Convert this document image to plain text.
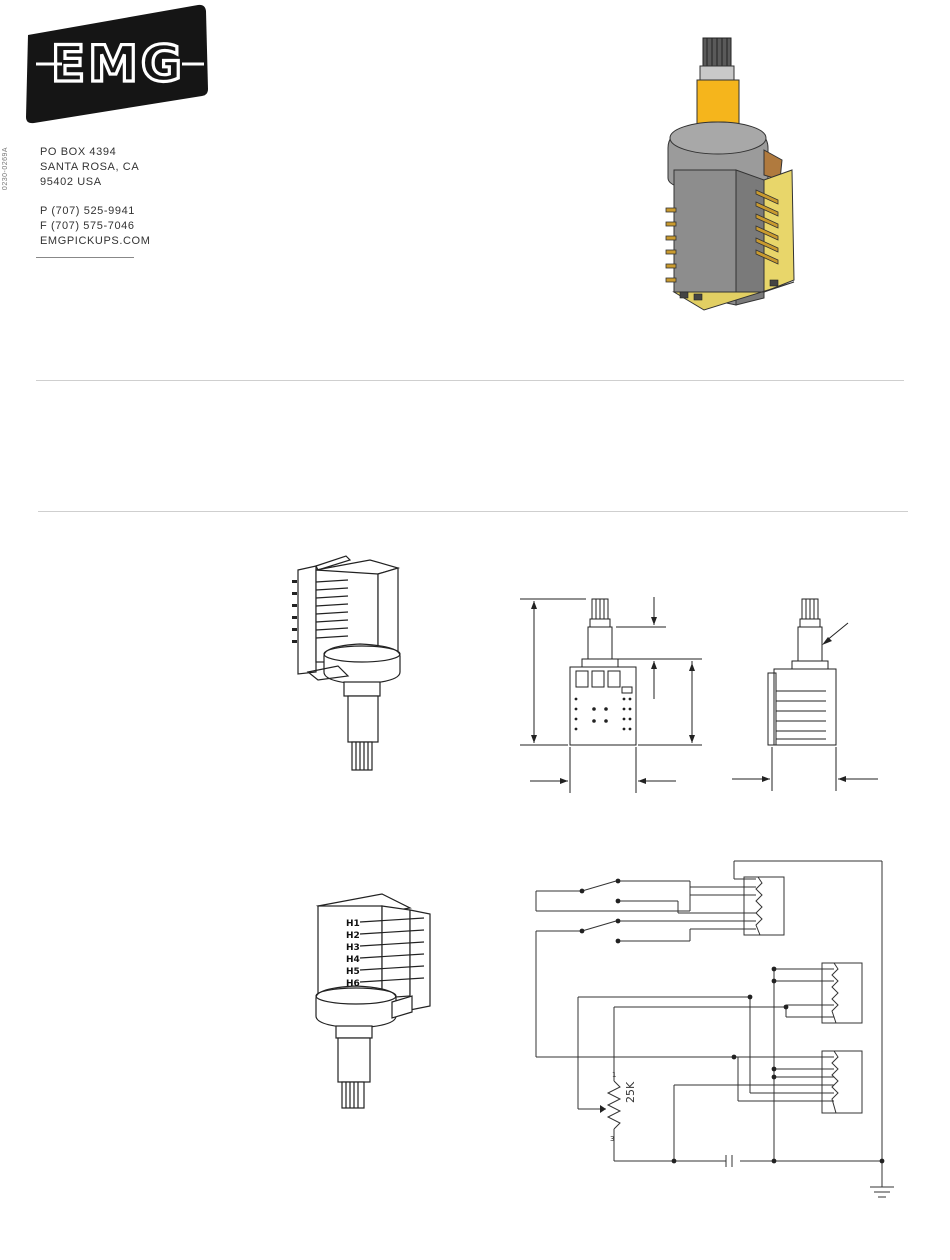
EMG
0230-0269A	PO BOX 4394
SANTA ROSA, CA
95402 USA
P (707) 525-9941
F (707) 575-7046
EMGPICKUPS.COM
H1
H2
H3
H4
H5
H6
25K
1
3
